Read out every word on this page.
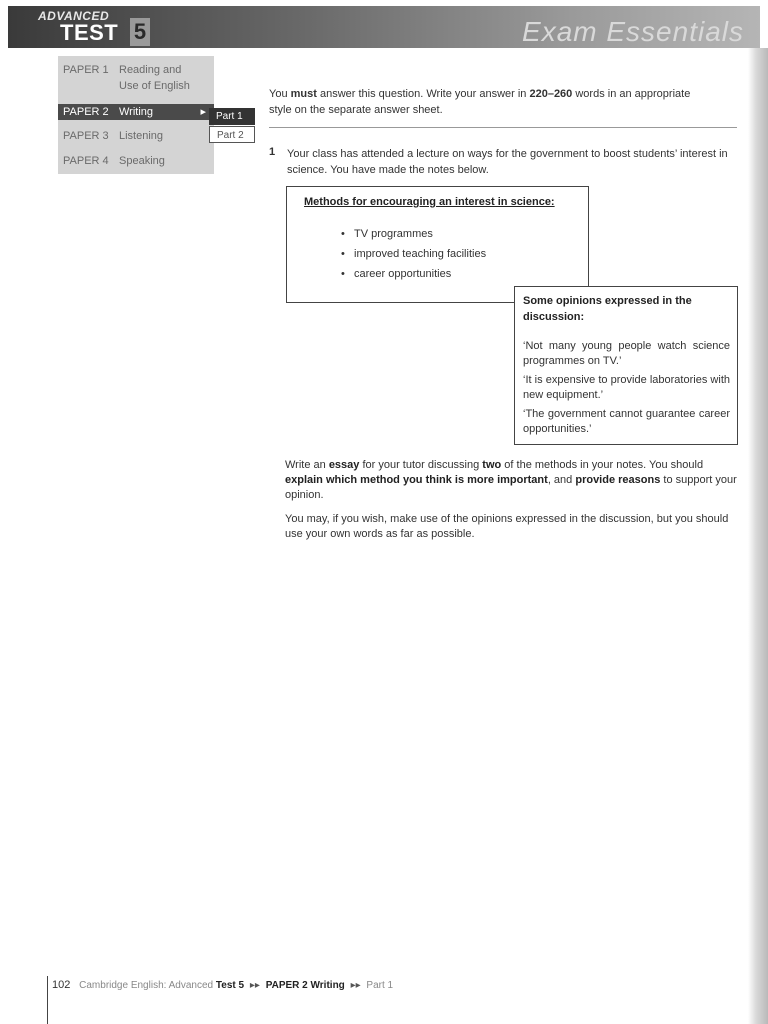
ADVANCED
TEST 5	Exam Essentials
PAPER 1 Reading and
Use of English
PAPER 2 Writing	▸
PAPER 3 Listening
PAPER 4 Speaking
Part 1
Part 2
You must answer this question. Write your answer in 220–260 words in an appropriate style on the separate answer sheet.
1 Your class has attended a lecture on ways for the government to boost students’ interest in science. You have made the notes below.
Methods for encouraging an interest in science:
• TV programmes
• improved teaching facilities
• career opportunities
Some opinions expressed in the discussion:
‘Not many young people watch science programmes on TV.’
‘It is expensive to provide laboratories with new equipment.’
‘The government cannot guarantee career opportunities.’
Write an essay for your tutor discussing two of the methods in your notes. You should explain which method you think is more important, and provide reasons to support your opinion.
You may, if you wish, make use of the opinions expressed in the discussion, but you should use your own words as far as possible.
102 Cambridge English: Advanced Test 5 ▸▸ PAPER 2 Writing ▸▸ Part 1
